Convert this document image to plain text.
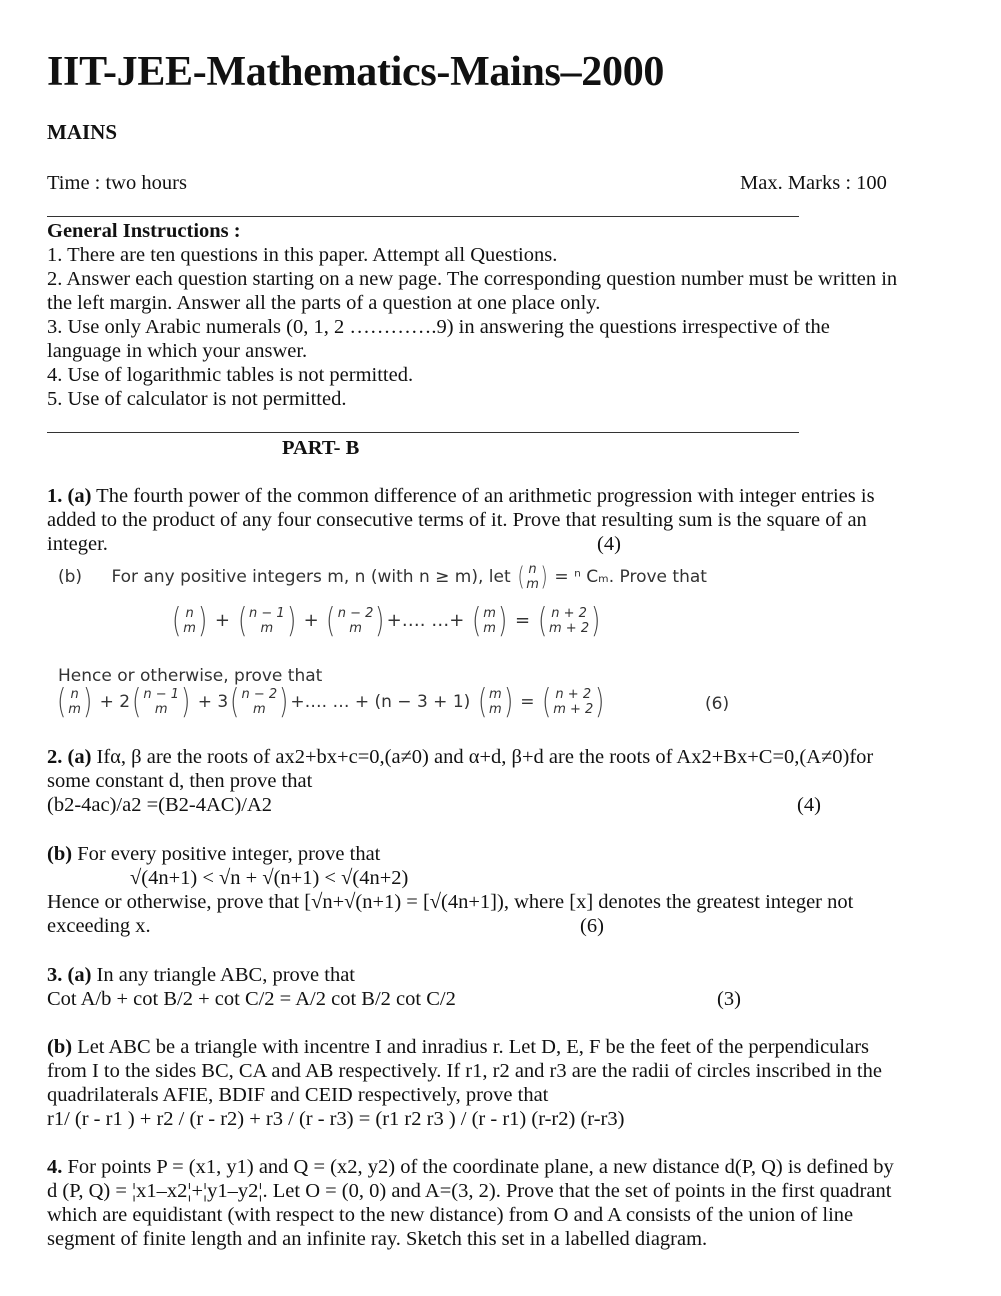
IIT-JEE-Mathematics-Mains–2000
MAINS
Time : two hours	Max. Marks : 100
General Instructions :
1. There are ten questions in this paper. Attempt all Questions.
2. Answer each question starting on a new page. The corresponding question number must be written in
the left margin. Answer all the parts of a question at one place only.
3. Use only Arabic numerals (0, 1, 2 ………….9) in answering the questions irrespective of the
language in which your answer.
4. Use of logarithmic tables is not permitted.
5. Use of calculator is not permitted.
PART- B
1. (a) The fourth power of the common difference of an arithmetic progression with integer entries is
added to the product of any four consecutive terms of it. Prove that resulting sum is the square of an
integer.	(4)
(b) For any positive integers m, n (with n ≥ m), let ( n
m ) = ⁿ Cₘ. Prove that
( n
m ) + ( n − 1
m ) + ( n − 2
m ) +…. …+ ( m
m ) = ( n + 2
m + 2 )
Hence or otherwise, prove that
( n
m ) + 2 ( n − 1
m ) + 3 ( n − 2
m ) +…. … + (n − 3 + 1) ( m
m ) = ( n + 2
m + 2 )	(6)
2. (a) Ifα, β are the roots of ax2+bx+c=0,(a≠0) and α+d, β+d are the roots of Ax2+Bx+C=0,(A≠0)for
some constant d, then prove that
(b2-4ac)/a2 =(B2-4AC)/A2	(4)
(b) For every positive integer, prove that
√(4n+1) < √n + √(n+1) < √(4n+2)
Hence or otherwise, prove that [√n+√(n+1) = [√(4n+1]), where [x] denotes the greatest integer not
exceeding x.	(6)
3. (a) In any triangle ABC, prove that
Cot A/b + cot B/2 + cot C/2 = A/2 cot B/2 cot C/2	(3)
(b) Let ABC be a triangle with incentre I and inradius r. Let D, E, F be the feet of the perpendiculars
from I to the sides BC, CA and AB respectively. If r1, r2 and r3 are the radii of circles inscribed in the
quadrilaterals AFIE, BDIF and CEID respectively, prove that
r1/ (r - r1 ) + r2 / (r - r2) + r3 / (r - r3) = (r1 r2 r3 ) / (r - r1) (r-r2) (r-r3)
4. For points P = (x1, y1) and Q = (x2, y2) of the coordinate plane, a new distance d(P, Q) is defined by
d (P, Q) = ¦x1–x2¦+¦y1–y2¦. Let O = (0, 0) and A=(3, 2). Prove that the set of points in the first quadrant
which are equidistant (with respect to the new distance) from O and A consists of the union of line
segment of finite length and an infinite ray. Sketch this set in a labelled diagram.
